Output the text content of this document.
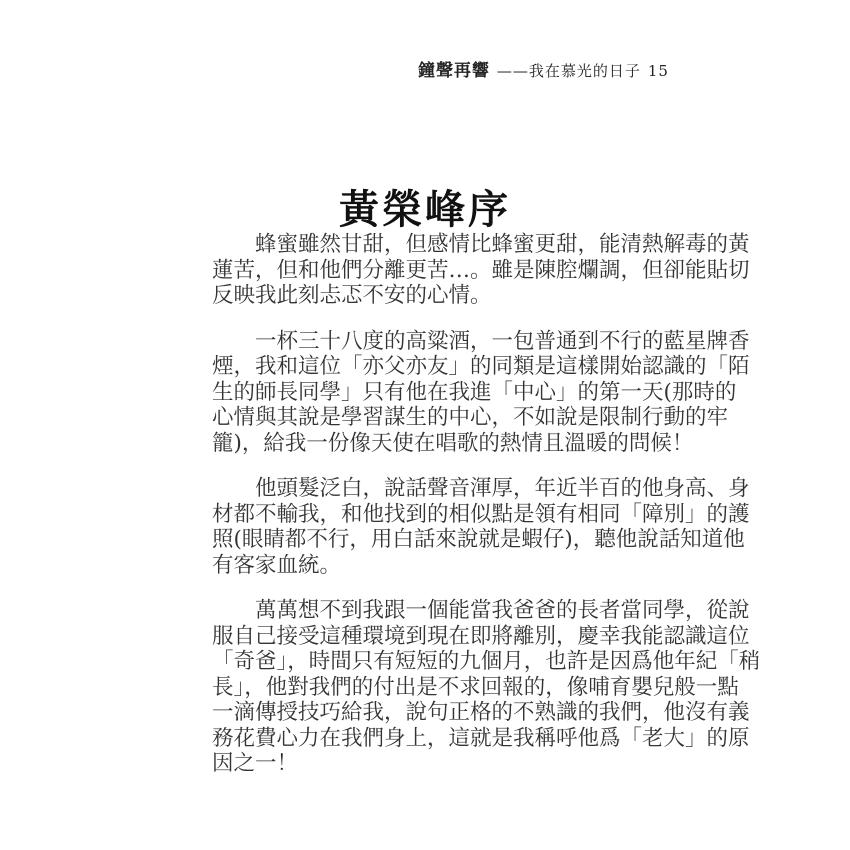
鐘聲再響 ——我在慕光的日子 15
黃榮峰序
　　蜂蜜雖然甘甜，但感情比蜂蜜更甜，能清熱解毒的黃
蓮苦，但和他們分離更苦…。雖是陳腔爛調，但卻能貼切
反映我此刻忐忑不安的心情。
　　一杯三十八度的高粱酒，一包普通到不行的藍星牌香
煙，我和這位「亦父亦友」的同類是這樣開始認識的「陌
生的師長同學」只有他在我進「中心」的第一天(那時的
心情與其說是學習謀生的中心，不如說是限制行動的牢
籠)，給我一份像天使在唱歌的熱情且溫暖的問候！
　　他頭髮泛白，說話聲音渾厚，年近半百的他身高、身
材都不輸我，和他找到的相似點是領有相同「障別」的護
照(眼睛都不行，用白話來說就是蝦仔)，聽他說話知道他
有客家血統。
　　萬萬想不到我跟一個能當我爸爸的長者當同學，從說
服自己接受這種環境到現在即將離別，慶幸我能認識這位
「奇爸」，時間只有短短的九個月，也許是因爲他年紀「稍
長」，他對我們的付出是不求回報的，像哺育嬰兒般一點
一滴傳授技巧給我，說句正格的不熟識的我們，他沒有義
務花費心力在我們身上，這就是我稱呼他爲「老大」的原
因之一！
